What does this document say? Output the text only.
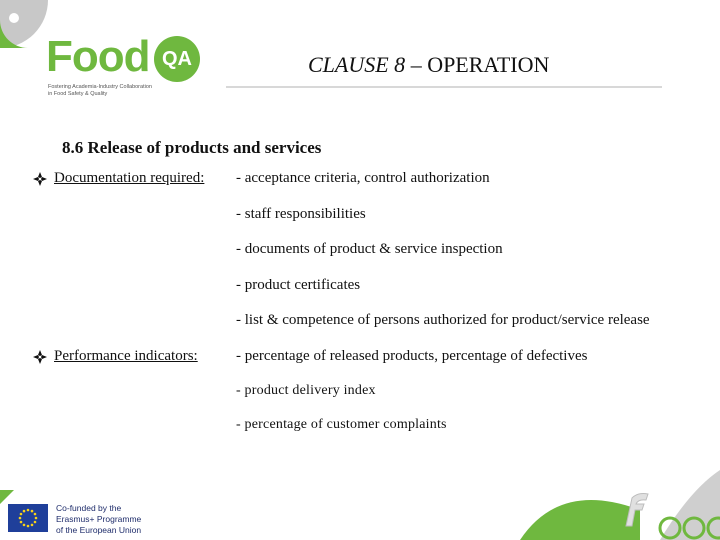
Food QA
Fostering Academia-Industry Collaboration
in Food Safety & Quality
CLAUSE 8 – OPERATION
8.6 Release of products and services
Documentation required: - acceptance criteria, control authorization
- staff responsibilities
- documents of product & service inspection
- product certificates
- list & competence of persons authorized for product/service release
Performance indicators:	- percentage of released products, percentage of defectives
- product delivery index
- percentage of customer complaints
Co-funded by the
Erasmus+ Programme
of the European Union
